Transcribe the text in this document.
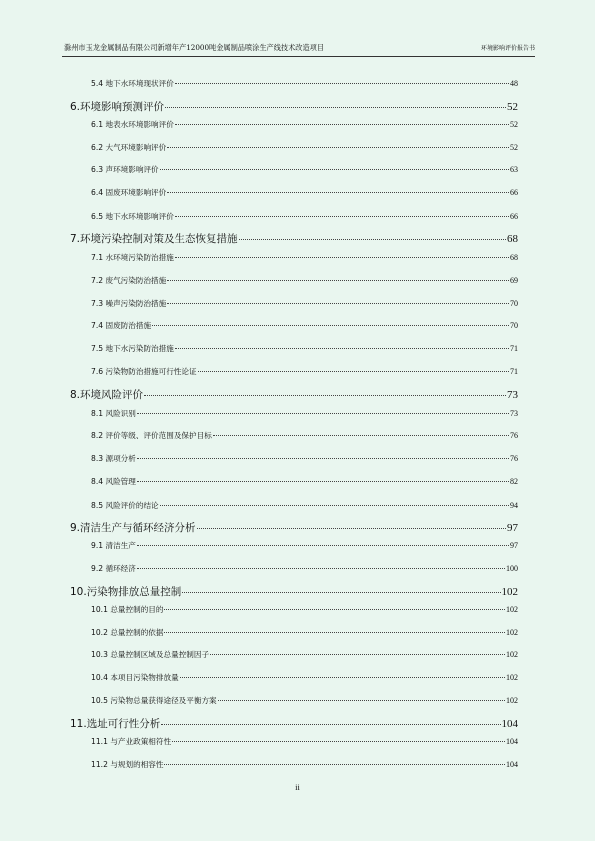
滁州市玉龙金属制品有限公司新增年产12000吨金属制品喷涂生产线技术改造项目	环境影响评价报告书
5.4 地下水环境现状评价	48
6.环境影响预测评价	52
6.1 地表水环境影响评价	52
6.2 大气环境影响评价	52
6.3 声环境影响评价	63
6.4 固废环境影响评价	66
6.5 地下水环境影响评价	66
7.环境污染控制对策及生态恢复措施	68
7.1 水环境污染防治措施	68
7.2 废气污染防治措施	69
7.3 噪声污染防治措施	70
7.4 固废防治措施	70
7.5 地下水污染防治措施	71
7.6 污染物防治措施可行性论证	71
8.环境风险评价	73
8.1 风险识别	73
8.2 评价等级、评价范围及保护目标	76
8.3 源项分析	76
8.4 风险管理	82
8.5 风险评价的结论	94
9.清洁生产与循环经济分析	97
9.1 清洁生产	97
9.2 循环经济	100
10.污染物排放总量控制	102
10.1 总量控制的目的	102
10.2 总量控制的依据	102
10.3 总量控制区域及总量控制因子	102
10.4 本项目污染物排放量	102
10.5 污染物总量获得途径及平衡方案	102
11.选址可行性分析	104
11.1 与产业政策相符性	104
11.2 与规划的相容性	104
ii
